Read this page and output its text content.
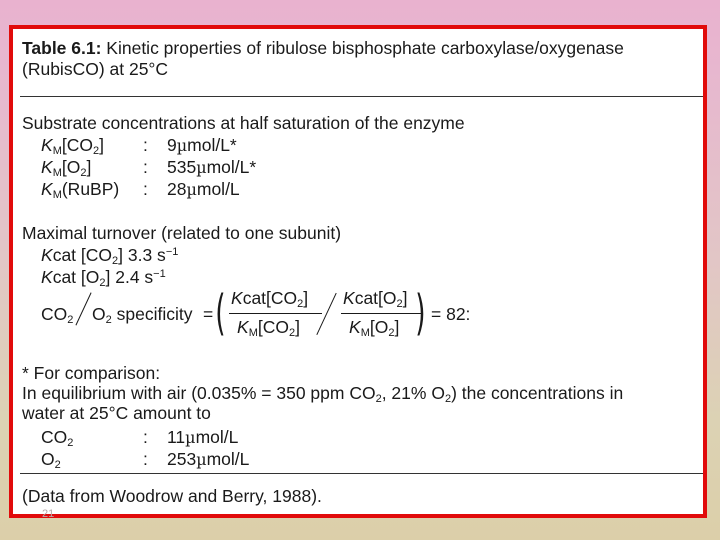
Table 6.1: Kinetic properties of ribulose bisphosphate carboxylase/oxygenase
(RubisCO) at 25°C
Substrate concentrations at half saturation of the enzyme
$K_M[CO_2]$ : 9µmol/L*
$K_M[O_2]$	: 535µmol/L*
$K_M(RuBP)$ : 28µmol/L
Maximal turnover (related to one subunit)
Kcat $[CO_2]$ 3.3 $s^{-1}$
Kcat $[O_2]$ 2.4 $s^{-1}$
$CO_2$ $O_2$ specificity = ( $Kcat[CO_2]$
$K_M[CO_2]$
$Kcat[O_2]$
$K_M[O_2]$ ) = 82:
* For comparison:
In equilibrium with air (0.035% = 350 ppm $CO_2$, 21% $O_2$) the concentrations in
water at 25°C amount to
$CO_2$	: 11µmol/L
$O_2$	: 253µmol/L
(Data from Woodrow and Berry, 1988).
21
